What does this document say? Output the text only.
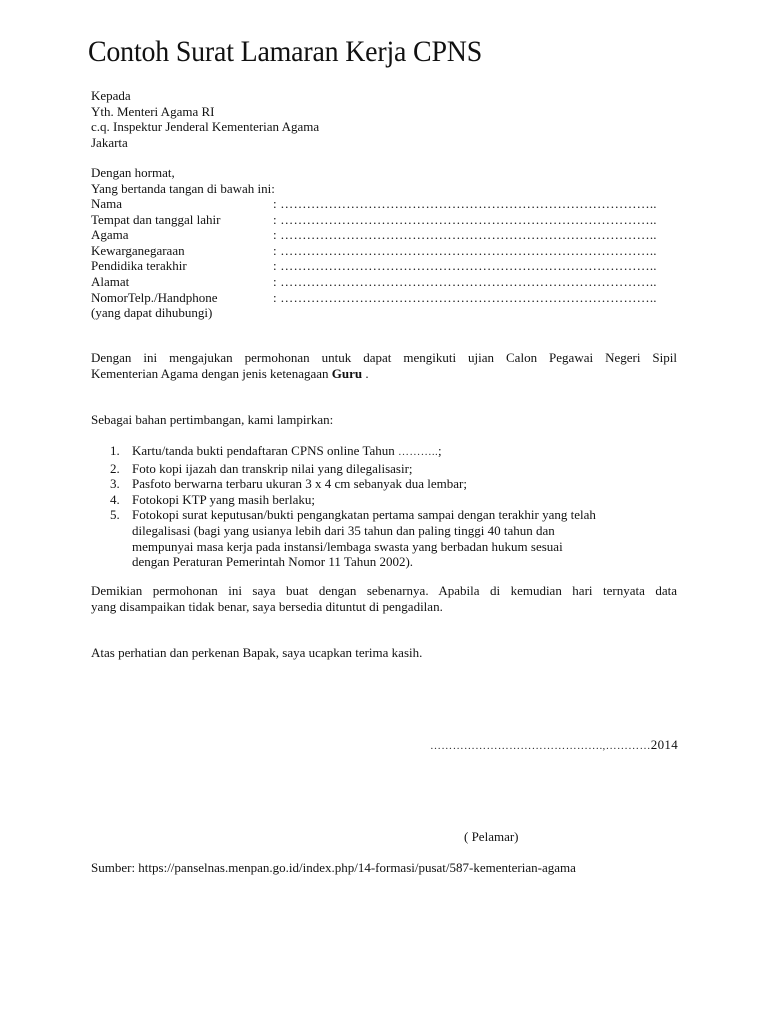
Contoh Surat Lamaran Kerja CPNS
Kepada
Yth. Menteri Agama RI
c.q. Inspektur Jenderal Kementerian Agama
Jakarta
Dengan hormat,
Yang bertanda tangan di bawah ini:
Nama	: …………………………………………………………………………..
Tempat dan tanggal lahir	: …………………………………………………………………………..
Agama	: …………………………………………………………………………..
Kewarganegaraan	: …………………………………………………………………………..
Pendidika terakhir	: …………………………………………………………………………..
Alamat	: …………………………………………………………………………..
NomorTelp./Handphone	: …………………………………………………………………………..
(yang dapat dihubungi)
Dengan ini mengajukan permohonan untuk dapat mengikuti ujian Calon Pegawai Negeri Sipil
Kementerian Agama dengan jenis ketenagaan Guru .
Sebagai bahan pertimbangan, kami lampirkan:
1. Kartu/tanda bukti pendaftaran CPNS online Tahun ………..;
2. Foto kopi ijazah dan transkrip nilai yang dilegalisasir;
3. Pasfoto berwarna terbaru ukuran 3 x 4 cm sebanyak dua lembar;
4. Fotokopi KTP yang masih berlaku;
5. Fotokopi surat keputusan/bukti pengangkatan pertama sampai dengan terakhir yang telah
dilegalisasi (bagi yang usianya lebih dari 35 tahun dan paling tinggi 40 tahun dan
mempunyai masa kerja pada instansi/lembaga swasta yang berbadan hukum sesuai
dengan Peraturan Pemerintah Nomor 11 Tahun 2002).
Demikian permohonan ini saya buat dengan sebenarnya. Apabila di kemudian hari ternyata data
yang disampaikan tidak benar, saya bersedia dituntut di pengadilan.
Atas perhatian dan perkenan Bapak, saya ucapkan terima kasih.
……………………………………….,…………2014
( Pelamar)
Sumber: https://panselnas.menpan.go.id/index.php/14-formasi/pusat/587-kementerian-agama
